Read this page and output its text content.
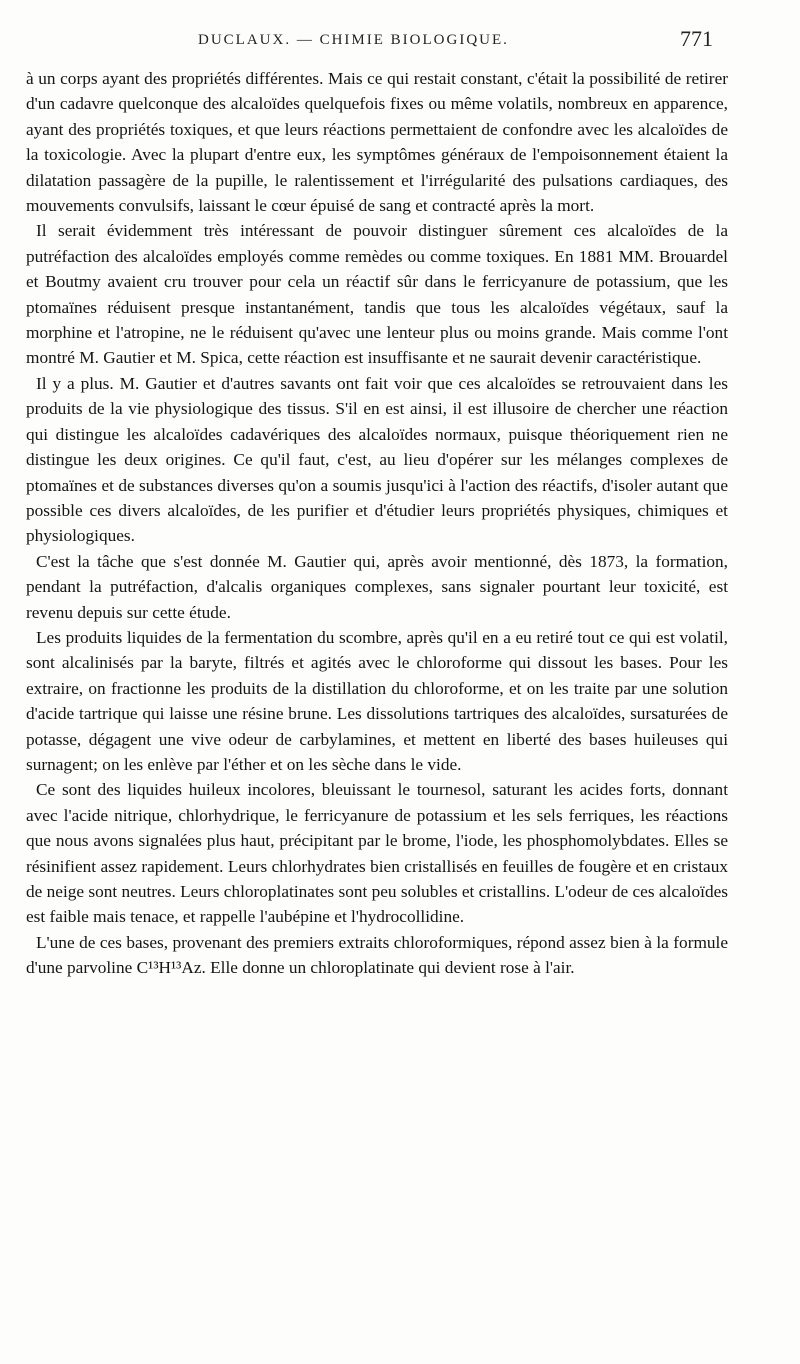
DUCLAUX. — CHIMIE BIOLOGIQUE.	771

à un corps ayant des propriétés différentes. Mais ce qui restait constant, c'était la possibilité de retirer d'un cadavre quelconque des alcaloïdes quelquefois fixes ou même volatils, nombreux en apparence, ayant des propriétés toxiques, et que leurs réactions permettaient de confondre avec les alcaloïdes de la toxicologie. Avec la plupart d'entre eux, les symptômes généraux de l'empoisonnement étaient la dilatation passagère de la pupille, le ralentissement et l'irrégularité des pulsations cardiaques, des mouvements convulsifs, laissant le cœur épuisé de sang et contracté après la mort.

Il serait évidemment très intéressant de pouvoir distinguer sûrement ces alcaloïdes de la putréfaction des alcaloïdes employés comme remèdes ou comme toxiques. En 1881 MM. Brouardel et Boutmy avaient cru trouver pour cela un réactif sûr dans le ferricyanure de potassium, que les ptomaïnes réduisent presque instantanément, tandis que tous les alcaloïdes végétaux, sauf la morphine et l'atropine, ne le réduisent qu'avec une lenteur plus ou moins grande. Mais comme l'ont montré M. Gautier et M. Spica, cette réaction est insuffisante et ne saurait devenir caractéristique.

Il y a plus. M. Gautier et d'autres savants ont fait voir que ces alcaloïdes se retrouvaient dans les produits de la vie physiologique des tissus. S'il en est ainsi, il est illusoire de chercher une réaction qui distingue les alcaloïdes cadavériques des alcaloïdes normaux, puisque théoriquement rien ne distingue les deux origines. Ce qu'il faut, c'est, au lieu d'opérer sur les mélanges complexes de ptomaïnes et de substances diverses qu'on a soumis jusqu'ici à l'action des réactifs, d'isoler autant que possible ces divers alcaloïdes, de les purifier et d'étudier leurs propriétés physiques, chimiques et physiologiques.

C'est la tâche que s'est donnée M. Gautier qui, après avoir mentionné, dès 1873, la formation, pendant la putréfaction, d'alcalis organiques complexes, sans signaler pourtant leur toxicité, est revenu depuis sur cette étude.

Les produits liquides de la fermentation du scombre, après qu'il en a eu retiré tout ce qui est volatil, sont alcalinisés par la baryte, filtrés et agités avec le chloroforme qui dissout les bases. Pour les extraire, on fractionne les produits de la distillation du chloroforme, et on les traite par une solution d'acide tartrique qui laisse une résine brune. Les dissolutions tartriques des alcaloïdes, sursaturées de potasse, dégagent une vive odeur de carbylamines, et mettent en liberté des bases huileuses qui surnagent; on les enlève par l'éther et on les sèche dans le vide.

Ce sont des liquides huileux incolores, bleuissant le tournesol, saturant les acides forts, donnant avec l'acide nitrique, chlorhydrique, le ferricyanure de potassium et les sels ferriques, les réactions que nous avons signalées plus haut, précipitant par le brome, l'iode, les phosphomolybdates. Elles se résinifient assez rapidement. Leurs chlorhydrates bien cristallisés en feuilles de fougère et en cristaux de neige sont neutres. Leurs chloroplatinates sont peu solubles et cristallins. L'odeur de ces alcaloïdes est faible mais tenace, et rappelle l'aubépine et l'hydrocollidine.

L'une de ces bases, provenant des premiers extraits chloroformiques, répond assez bien à la formule d'une parvoline C¹³H¹³Az. Elle donne un chloroplatinate qui devient rose à l'air.
